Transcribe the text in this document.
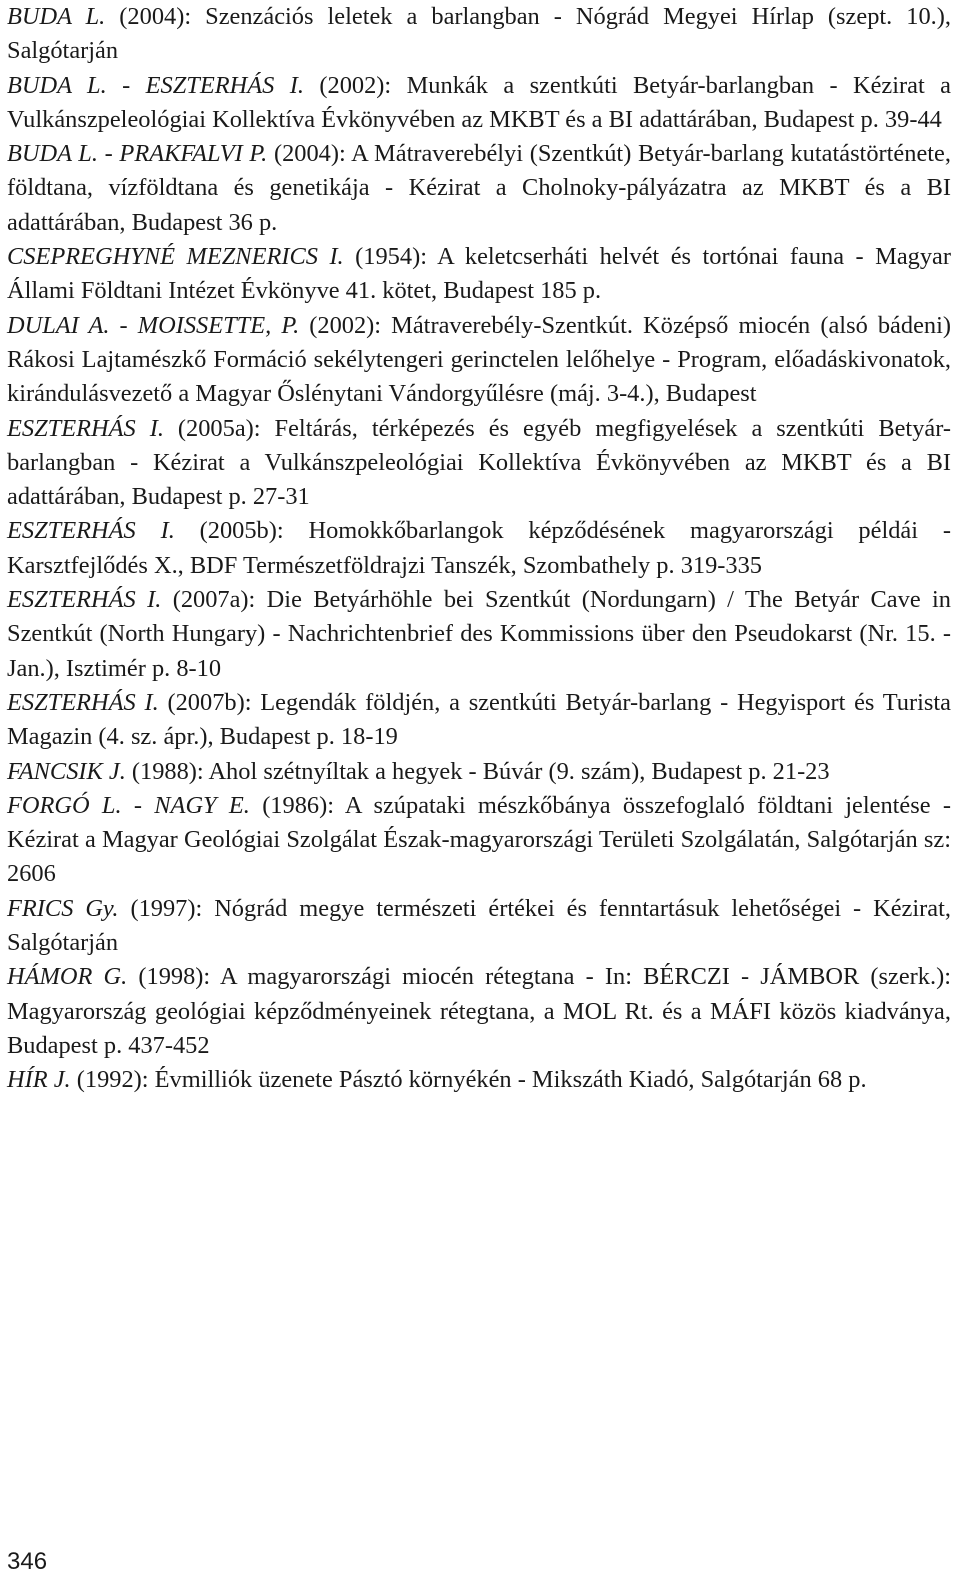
BUDA L. (2004): Szenzációs leletek a barlangban - Nógrád Megyei Hírlap (szept. 10.), Salgótarján

BUDA L. - ESZTERHÁS I. (2002): Munkák a szentkúti Betyár-barlangban - Kézirat a Vulkánszpeleológiai Kollektíva Évkönyvében az MKBT és a BI adattárában, Budapest p. 39-44

BUDA L. - PRAKFALVI P. (2004): A Mátraverebélyi (Szentkút) Betyár-barlang kutatástörténete, földtana, vízföldtana és genetikája - Kézirat a Cholnoky-pályázatra az MKBT és a BI adattárában, Budapest 36 p.

CSEPREGHYNÉ MEZNERICS I. (1954): A keletcserháti helvét és tortónai fauna - Magyar Állami Földtani Intézet Évkönyve 41. kötet, Budapest 185 p.

DULAI A. - MOISSETTE, P. (2002): Mátraverebély-Szentkút. Középső miocén (alsó bádeni) Rákosi Lajtamészkő Formáció sekélytengeri gerinctelen lelőhelye - Program, előadáskivonatok, kirándulásvezető a Magyar Őslénytani Vándorgyűlésre (máj. 3-4.), Budapest

ESZTERHÁS I. (2005a): Feltárás, térképezés és egyéb megfigyelések a szentkúti Betyár-barlangban - Kézirat a Vulkánszpeleológiai Kollektíva Évkönyvében az MKBT és a BI adattárában, Budapest p. 27-31

ESZTERHÁS I. (2005b): Homokkőbarlangok képződésének magyarországi példái - Karsztfejlődés X., BDF Természetföldrajzi Tanszék, Szombathely p. 319-335

ESZTERHÁS I. (2007a): Die Betyárhöhle bei Szentkút (Nordungarn) / The Betyár Cave in Szentkút (North Hungary) - Nachrichtenbrief des Kommissions über den Pseudokarst (Nr. 15. - Jan.), Isztimér p. 8-10

ESZTERHÁS I. (2007b): Legendák földjén, a szentkúti Betyár-barlang - Hegyisport és Turista Magazin (4. sz. ápr.), Budapest p. 18-19

FANCSIK J. (1988): Ahol szétnyíltak a hegyek - Búvár (9. szám), Budapest p. 21-23

FORGÓ L. - NAGY E. (1986): A szúpataki mészkőbánya összefoglaló földtani jelentése - Kézirat a Magyar Geológiai Szolgálat Észak-magyarországi Területi Szolgálatán, Salgótarján sz: 2606

FRICS Gy. (1997): Nógrád megye természeti értékei és fenntartásuk lehetőségei - Kézirat, Salgótarján

HÁMOR G. (1998): A magyarországi miocén rétegtana - In: BÉRCZI - JÁMBOR (szerk.): Magyarország geológiai képződményeinek rétegtana, a MOL Rt. és a MÁFI közös kiadványa, Budapest p. 437-452

HÍR J. (1992): Évmilliók üzenete Pásztó környékén - Mikszáth Kiadó, Salgótarján 68 p.

346
